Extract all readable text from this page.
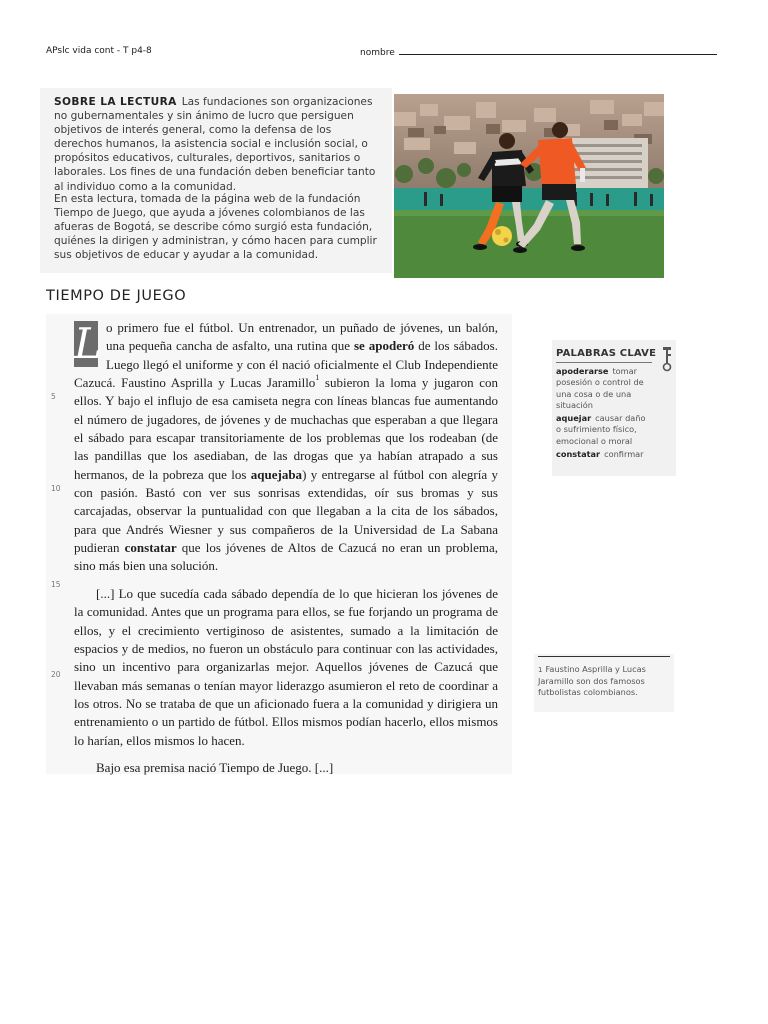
APslc vida cont - T p4-8	nombre

SOBRE LA LECTURA Las fundaciones son organizaciones no gubernamentales y sin ánimo de lucro que persiguen objetivos de interés general, como la defensa de los derechos humanos, la asistencia social e inclusión social, o propósitos educativos, culturales, deportivos, sanitarios o laborales. Los fines de una fundación deben beneficiar tanto al individuo como a la comunidad.

En esta lectura, tomada de la página web de la fundación Tiempo de Juego, que ayuda a jóvenes colombianos de las afueras de Bogotá, se describe cómo surgió esta fundación, quiénes la dirigen y administran, y cómo hacen para cumplir sus objetivos de educar y ayudar a la comunidad.

TIEMPO DE JUEGO
5
10
15
20

L o primero fue el fútbol. Un entrenador, un puñado de jóvenes, un balón, una pequeña cancha de asfalto, una rutina que se apoderó de los sábados. Luego llegó el uniforme y con él nació oficialmente el Club Independiente Cazucá. Faustino Asprilla y Lucas Jaramillo$^1$ subieron la loma y jugaron con ellos. Y bajo el influjo de esa camiseta negra con líneas blancas fue aumentando el número de jugadores, de jóvenes y de muchachas que esperaban a que llegara el sábado para escapar transitoriamente de los problemas que los rodeaban (de las pandillas que los asediaban, de las drogas que ya habían atrapado a sus hermanos, de la pobreza que los aquejaba) y entregarse al fútbol con alegría y con pasión. Bastó con ver sus sonrisas extendidas, oír sus bromas y sus carcajadas, observar la puntualidad con que llegaban a la cita de los sábados, para que Andrés Wiesner y sus compañeros de la Universidad de La Sabana pudieran constatar que los jóvenes de Altos de Cazucá no eran un problema, sino más bien una solución.

[...] Lo que sucedía cada sábado dependía de lo que hicieran los jóvenes de la comunidad. Antes que un programa para ellos, se fue forjando un programa de ellos, y el crecimiento vertiginoso de asistentes, sumado a la limitación de espacios y de medios, no fueron un obstáculo para continuar con las actividades, sino un incentivo para organizarlas mejor. Aquellos jóvenes de Cazucá que llevaban más semanas o tenían mayor liderazgo asumieron el reto de coordinar a los otros. No se trataba de que un aficionado fuera a la comunidad y dirigiera un entrenamiento o un partido de fútbol. Ellos mismos podían hacerlo, ellos mismos lo harían, ellos mismos lo hacen.

Bajo esa premisa nació Tiempo de Juego. [...]

PALABRAS CLAVE
apoderarse tomar posesión o control de una cosa o de una situación
aquejar causar daño o sufrimiento físico, emocional o moral
constatar confirmar
1 Faustino Asprilla y Lucas Jaramillo son dos famosos futbolistas colombianos.
